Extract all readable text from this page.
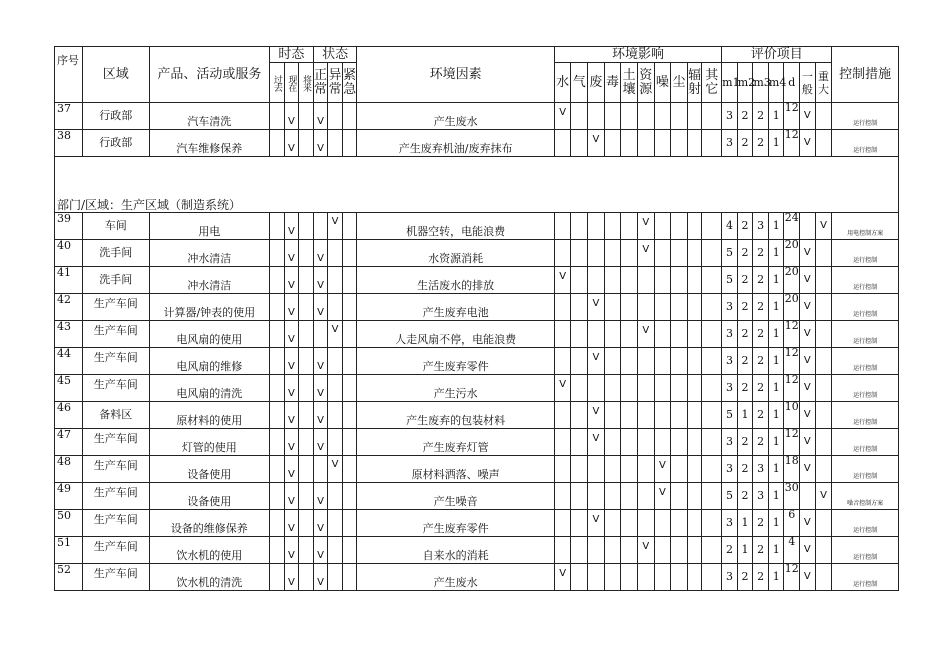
序号	区域	产品、活动或服务	时态			状态			环境因素	环境影响										评价项目							控制措施
			过去	现在	将来	正常	异常	紧急		水	气	废	毒	土壤	资源	噪	尘	辐射	其它	m1	m2	m3	m4	d	一般	重大	
37	行政部	汽车清洗		V		V			产生废水	V										3	2	2	1	12	V		运行控制
38	行政部	汽车维修保养		V		V			产生废弃机油/废弃抹布			V								3	2	2	1	12	V		运行控制
部门/区域：生产区域（制造系统）																											
39	车间	用电		V			V		机器空转，电能浪费						V					4	2	3	1	24		V	用电控制方案
40	洗手间	冲水清洁		V		V			水资源消耗						V					5	2	2	1	20	V		运行控制
41	洗手间	冲水清洁		V		V			生活废水的排放	V										5	2	2	1	20	V		运行控制
42	生产车间	计算器/钟表的使用		V		V			产生废弃电池			V								3	2	2	1	20	V		运行控制
43	生产车间	电风扇的使用		V			V		人走风扇不停，电能浪费						V					3	2	2	1	12	V		运行控制
44	生产车间	电风扇的维修		V		V			产生废弃零件			V								3	2	2	1	12	V		运行控制
45	生产车间	电风扇的清洗		V		V			产生污水	V										3	2	2	1	12	V		运行控制
46	备料区	原材料的使用		V		V			产生废弃的包装材料			V								5	1	2	1	10	V		运行控制
47	生产车间	灯管的使用		V		V			产生废弃灯管			V								3	2	2	1	12	V		运行控制
48	生产车间	设备使用		V			V		原材料洒落、噪声							V				3	2	3	1	18	V		运行控制
49	生产车间	设备使用		V		V			产生噪音							V				5	2	3	1	30		V	噪音控制方案
50	生产车间	设备的维修保养		V		V			产生废弃零件			V								3	1	2	1	6	V		运行控制
51	生产车间	饮水机的使用		V		V			自来水的消耗						V					2	1	2	1	4	V		运行控制
52	生产车间	饮水机的清洗		V		V			产生废水	V										3	2	2	1	12	V		运行控制
